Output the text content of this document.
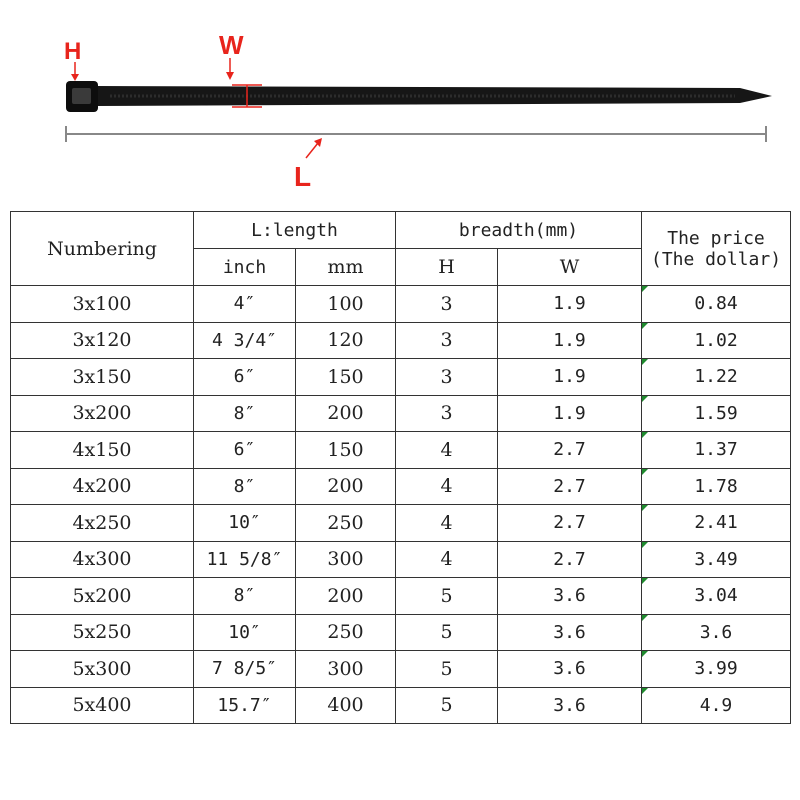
H	W
L
Numbering	L:length		breadth(mm)		The price
(The dollar)

	inch	mm	H	W	
3x100	4″	100	3	1.9	0.84
3x120	4 3/4″	120	3	1.9	1.02
3x150	6″	150	3	1.9	1.22
3x200	8″	200	3	1.9	1.59
4x150	6″	150	4	2.7	1.37
4x200	8″	200	4	2.7	1.78
4x250	10″	250	4	2.7	2.41
4x300	11 5/8″	300	4	2.7	3.49
5x200	8″	200	5	3.6	3.04
5x250	10″	250	5	3.6	3.6
5x300	7 8/5″	300	5	3.6	3.99
5x400	15.7″	400	5	3.6	4.9
